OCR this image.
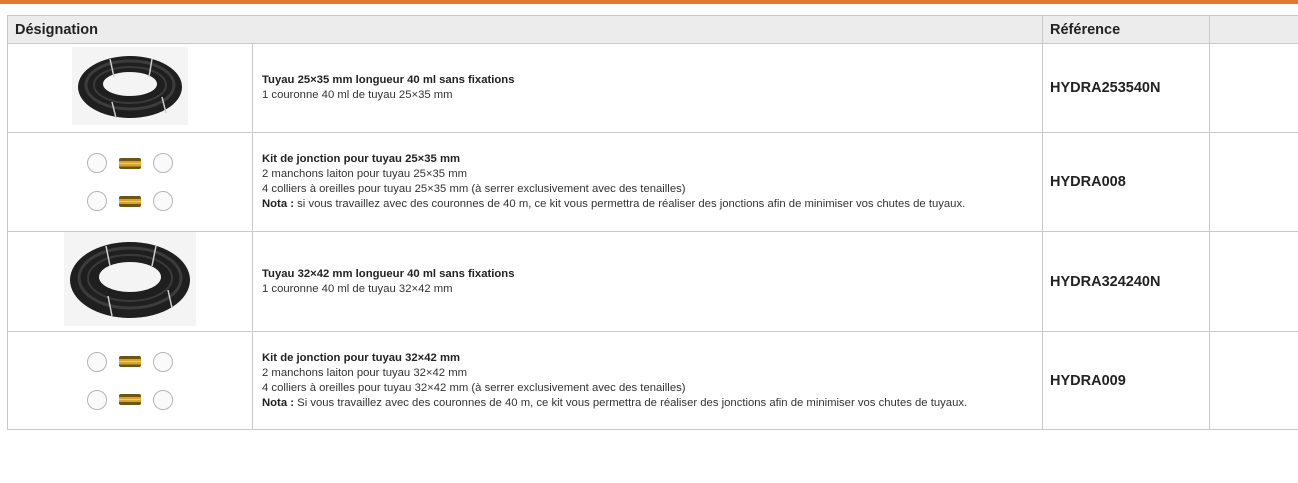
Désignation		Référence	

Tuyau 25×35 mm longueur 40 ml sans fixations
1 couronne 40 ml de tuyau 25×35 mm	HYDRA253540N	

	Kit de jonction pour tuyau 25×35 mm
2 manchons laiton pour tuyau 25×35 mm
4 colliers à oreilles pour tuyau 25×35 mm (à serrer exclusivement avec des tenailles)
Nota : si vous travaillez avec des couronnes de 40 m, ce kit vous permettra de réaliser des jonctions afin de minimiser vos chutes de tuyaux.	HYDRA008	

Tuyau 32×42 mm longueur 40 ml sans fixations
1 couronne 40 ml de tuyau 32×42 mm	HYDRA324240N	

	Kit de jonction pour tuyau 32×42 mm
2 manchons laiton pour tuyau 32×42 mm
4 colliers à oreilles pour tuyau 32×42 mm (à serrer exclusivement avec des tenailles)
Nota : Si vous travaillez avec des couronnes de 40 m, ce kit vous permettra de réaliser des jonctions afin de minimiser vos chutes de tuyaux.	HYDRA009	
